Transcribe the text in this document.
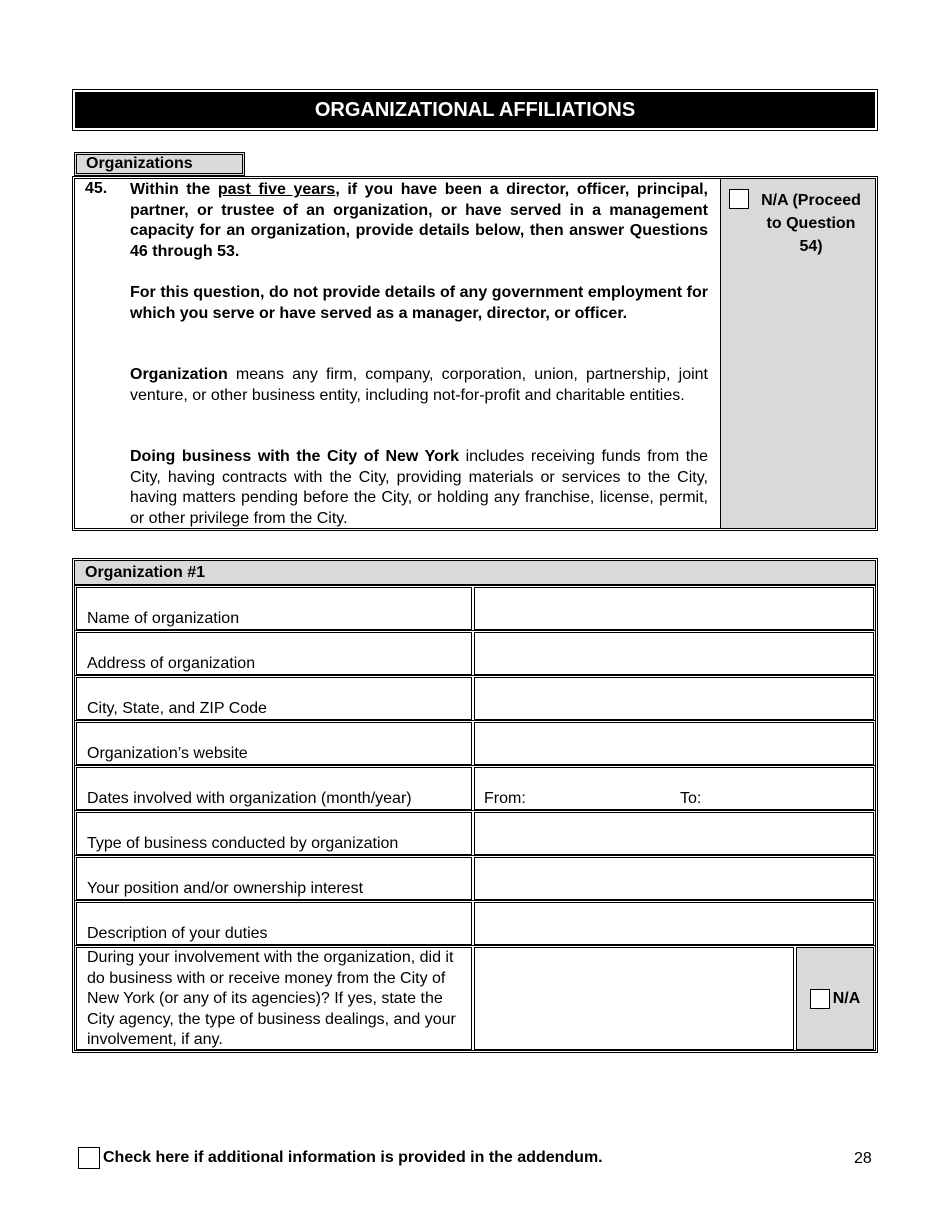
ORGANIZATIONAL AFFILIATIONS
Organizations
45. Within the past five years, if you have been a director, officer, principal, partner, or trustee of an organization, or have served in a management capacity for an organization, provide details below, then answer Questions 46 through 53.
For this question, do not provide details of any government employment for which you serve or have served as a manager, director, or officer.
Organization means any firm, company, corporation, union, partnership, joint venture, or other business entity, including not-for-profit and charitable entities.
Doing business with the City of New York includes receiving funds from the City, having contracts with the City, providing materials or services to the City, having matters pending before the City, or holding any franchise, license, permit, or other privilege from the City.
N/A (Proceed to Question 54)
Organization #1
Name of organization
Address of organization
City, State, and ZIP Code
Organization’s website
Dates involved with organization (month/year)	From:	To:
Type of business conducted by organization
Your position and/or ownership interest
Description of your duties
During your involvement with the organization, did it do business with or receive money from the City of New York (or any of its agencies)? If yes, state the City agency, the type of business dealings, and your involvement, if any.
N/A
Check here if additional information is provided in the addendum.	28
